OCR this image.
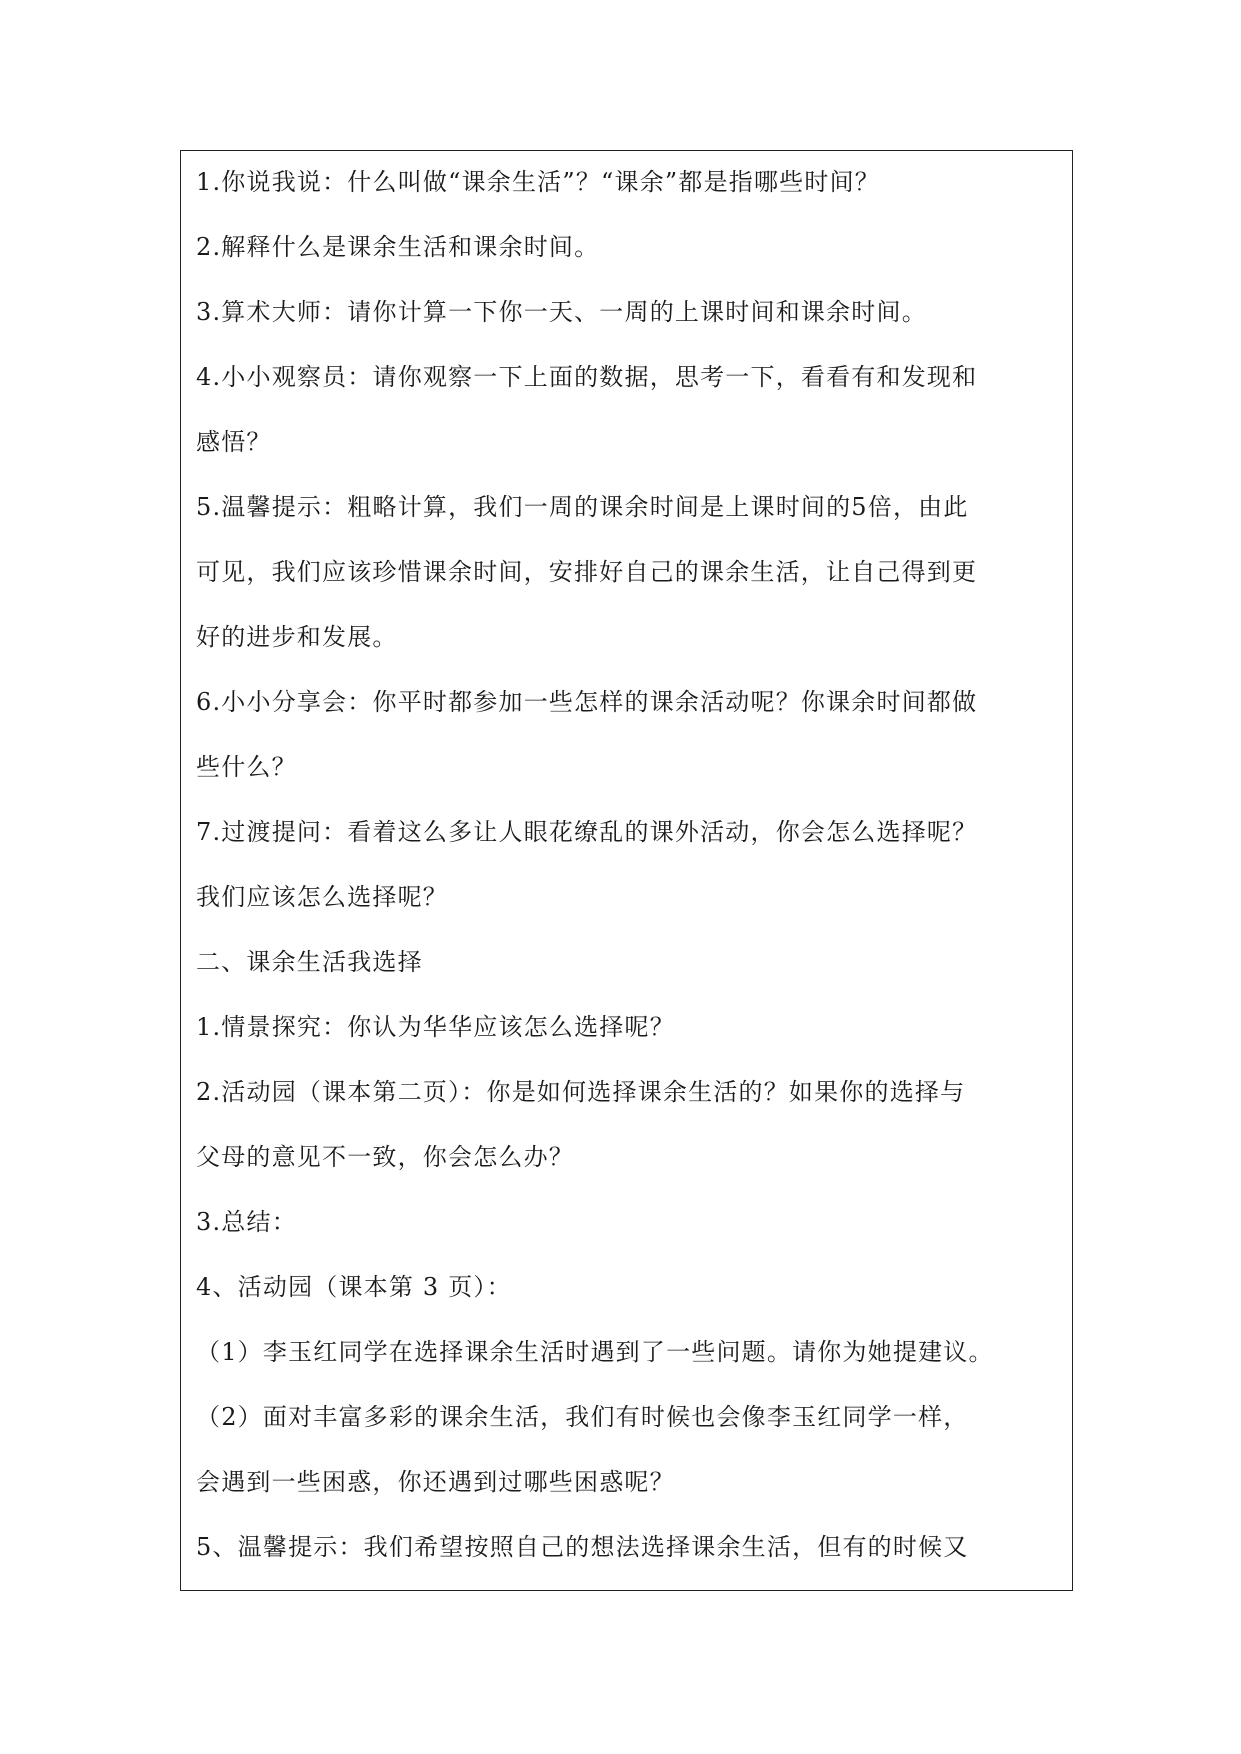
1.你说我说：什么叫做“课余生活”？“课余”都是指哪些时间？
2.解释什么是课余生活和课余时间。
3.算术大师：请你计算一下你一天、一周的上课时间和课余时间。
4.小小观察员：请你观察一下上面的数据，思考一下，看看有和发现和
感悟？
5.温馨提示：粗略计算，我们一周的课余时间是上课时间的5倍，由此
可见，我们应该珍惜课余时间，安排好自己的课余生活，让自己得到更
好的进步和发展。
6.小小分享会：你平时都参加一些怎样的课余活动呢？你课余时间都做
些什么？
7.过渡提问：看着这么多让人眼花缭乱的课外活动，你会怎么选择呢？
我们应该怎么选择呢？
二、课余生活我选择
1.情景探究：你认为华华应该怎么选择呢？
2.活动园（课本第二页）：你是如何选择课余生活的？如果你的选择与
父母的意见不一致，你会怎么办？
3.总结：
4、活动园（课本第 3 页）：
（1）李玉红同学在选择课余生活时遇到了一些问题。请你为她提建议。
（2）面对丰富多彩的课余生活，我们有时候也会像李玉红同学一样，
会遇到一些困惑，你还遇到过哪些困惑呢？
5、温馨提示：我们希望按照自己的想法选择课余生活，但有的时候又
